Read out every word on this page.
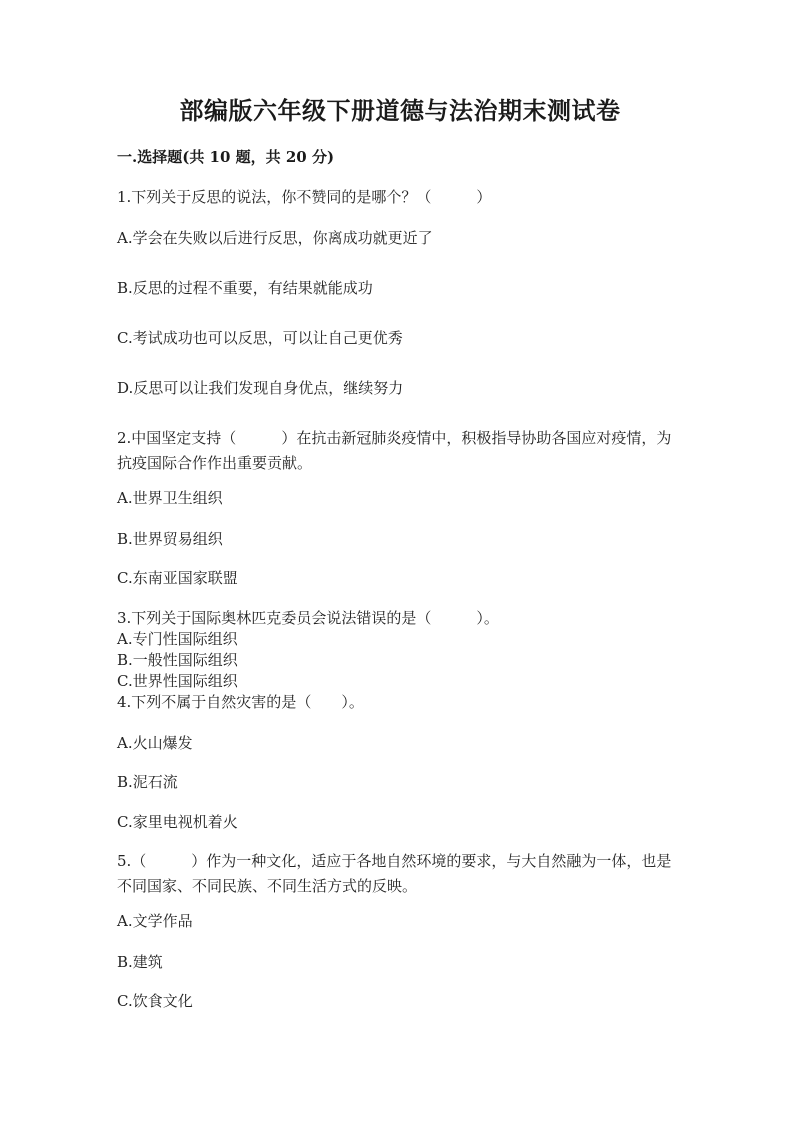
部编版六年级下册道德与法治期末测试卷
一.选择题(共 10 题，共 20 分)
1.下列关于反思的说法，你不赞同的是哪个？（　　　）
A.学会在失败以后进行反思，你离成功就更近了
B.反思的过程不重要，有结果就能成功
C.考试成功也可以反思，可以让自己更优秀
D.反思可以让我们发现自身优点，继续努力
2.中国坚定支持（　　　）在抗击新冠肺炎疫情中，积极指导协助各国应对疫情，为抗疫国际合作作出重要贡献。
A.世界卫生组织
B.世界贸易组织
C.东南亚国家联盟
3.下列关于国际奥林匹克委员会说法错误的是（　　　）。
A.专门性国际组织
B.一般性国际组织
C.世界性国际组织
4.下列不属于自然灾害的是（　　）。
A.火山爆发
B.泥石流
C.家里电视机着火
5.（　　　）作为一种文化，适应于各地自然环境的要求，与大自然融为一体，也是不同国家、不同民族、不同生活方式的反映。
A.文学作品
B.建筑
C.饮食文化
